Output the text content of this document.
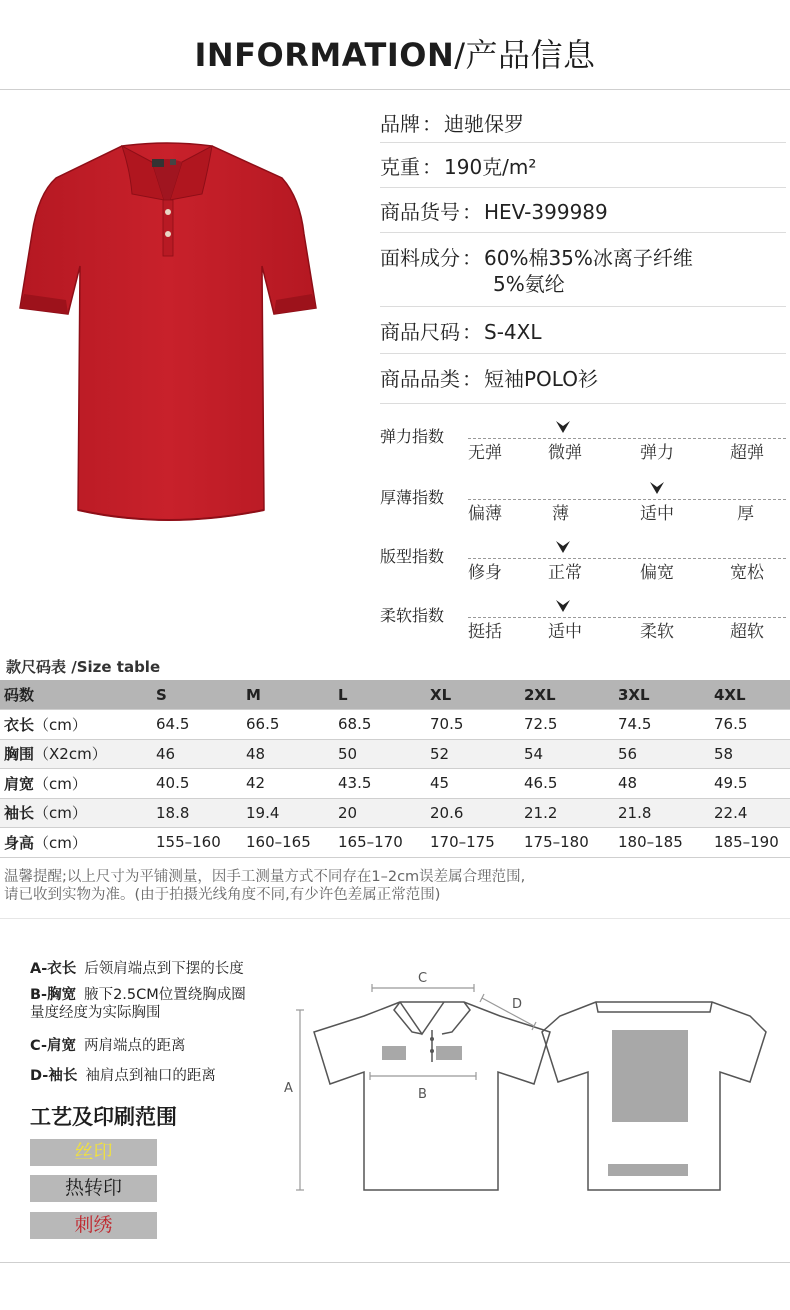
INFORMATION/产品信息
品牌 ： 迪驰保罗
克重 ： 190克/m²
商品货号 ： HEV-399989
面料成分 ： 60%棉35%冰离子纤维
5%氨纶
商品尺码 ： S-4XL
商品品类 ： 短袖POLO衫
弹力指数
无弹	微弹	弹力	超弹
厚薄指数
偏薄	薄	适中	厚
版型指数
修身	正常	偏宽	宽松
柔软指数
挺括	适中	柔软	超软
款尺码表 /Size table
码数	S	M	L	XL	2XL	3XL	4XL
衣长（cm）	64.5	66.5	68.5	70.5	72.5	74.5	76.5
胸围（X2cm）	46	48	50	52	54	56	58
肩宽（cm）	40.5	42	43.5	45	46.5	48	49.5
袖长（cm）	18.8	19.4	20	20.6	21.2	21.8	22.4
身高（cm）	155–160	160–165	165–170	170–175	175–180	180–185	185–190
温馨提醒;以上尺寸为平铺测量，因手工测量方式不同存在1–2cm误差属合理范围,
请已收到实物为准。(由于拍摄光线角度不同,有少许色差属正常范围)
A-衣长 后领肩端点到下摆的长度
B-胸宽 腋下2.5CM位置绕胸成圈
量度经度为实际胸围
C-肩宽 两肩端点的距离
D-袖长 袖肩点到袖口的距离
工艺及印刷范围
丝印
热转印
刺绣
A	B
C
D
